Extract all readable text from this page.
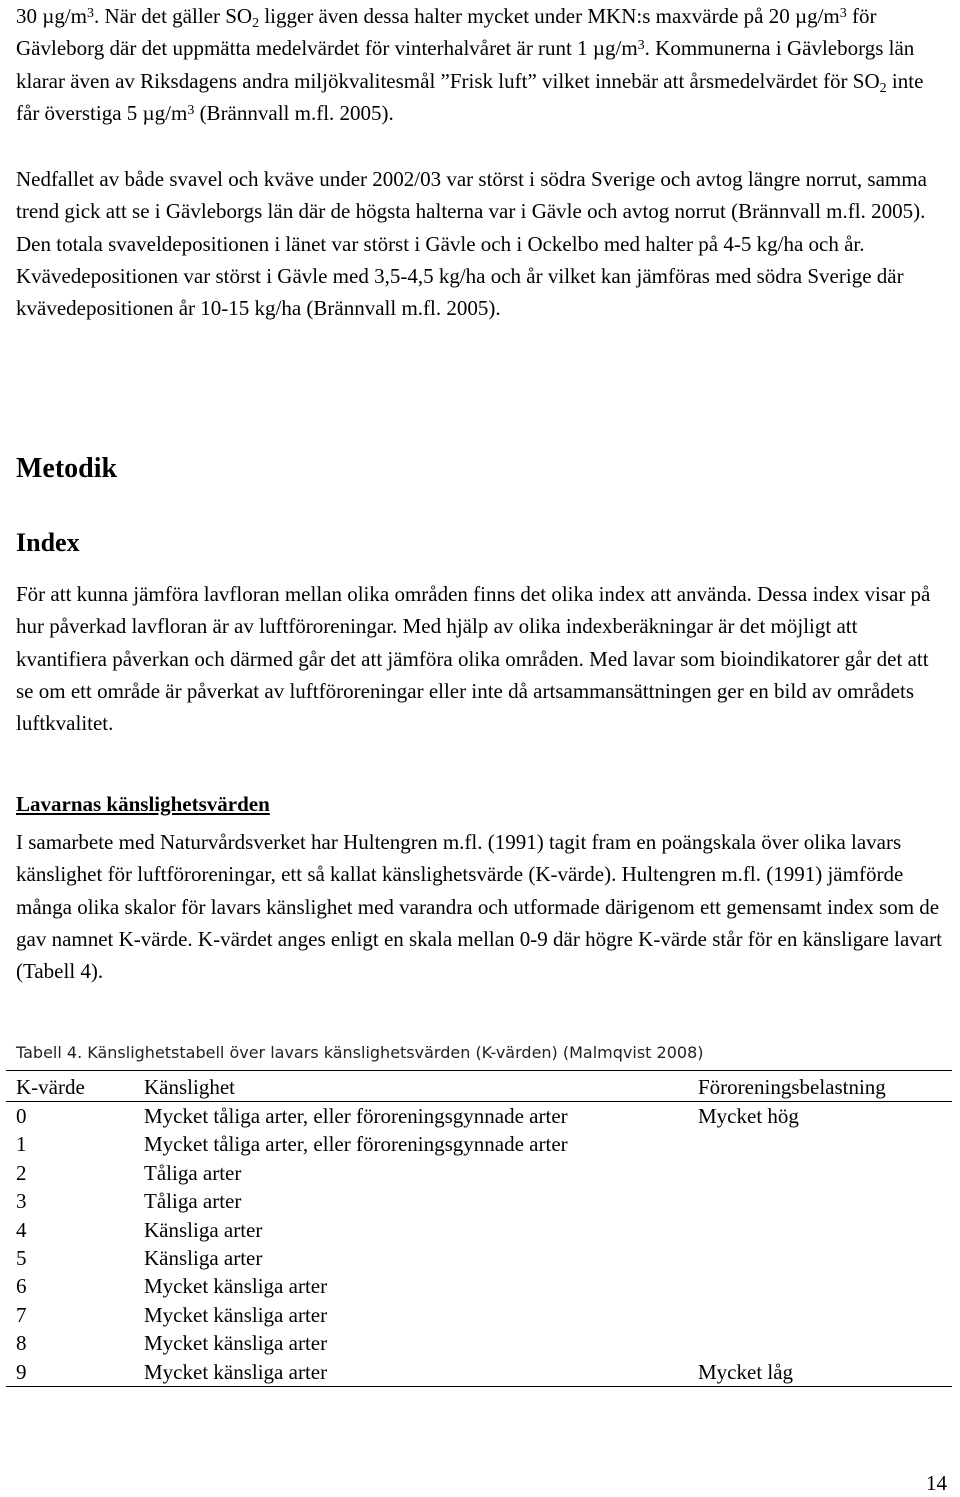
30 $\mu g/m^3$. När det gäller $SO_2$ ligger även dessa halter mycket under MKN:s maxvärde på 20 $\mu g/m^3$ för Gävleborg där det uppmätta medelvärdet för vinterhalvåret är runt 1 $\mu g/m^3$. Kommunerna i Gävleborgs län klarar även av Riksdagens andra miljökvalitesmål ”Frisk luft” vilket innebär att årsmedelvärdet för $SO_2$ inte får överstiga 5 $\mu g/m^3$ (Brännvall m.fl. 2005).
Nedfallet av både svavel och kväve under 2002/03 var störst i södra Sverige och avtog längre norrut, samma trend gick att se i Gävleborgs län där de högsta halterna var i Gävle och avtog norrut (Brännvall m.fl. 2005). Den totala svaveldepositionen i länet var störst i Gävle och i Ockelbo med halter på 4-5 kg/ha och år. Kvävedepositionen var störst i Gävle med 3,5-4,5 kg/ha och år vilket kan jämföras med södra Sverige där kvävedepositionen år 10-15 kg/ha (Brännvall m.fl. 2005).
Metodik
Index
För att kunna jämföra lavfloran mellan olika områden finns det olika index att använda. Dessa index visar på hur påverkad lavfloran är av luftföroreningar. Med hjälp av olika indexberäkningar är det möjligt att kvantifiera påverkan och därmed går det att jämföra olika områden. Med lavar som bioindikatorer går det att se om ett område är påverkat av luftföroreningar eller inte då artsammansättningen ger en bild av områdets luftkvalitet.
Lavarnas känslighetsvärden
I samarbete med Naturvårdsverket har Hultengren m.fl. (1991) tagit fram en poängskala över olika lavars känslighet för luftföroreningar, ett så kallat känslighetsvärde (K-värde). Hultengren m.fl. (1991) jämförde många olika skalor för lavars känslighet med varandra och utformade därigenom ett gemensamt index som de gav namnet K-värde. K-värdet anges enligt en skala mellan 0-9 där högre K-värde står för en känsligare lavart (Tabell 4).
Tabell 4. Känslighetstabell över lavars känslighetsvärden (K-värden) (Malmqvist 2008)
K-värde	Känslighet	Föroreningsbelastning
0	Mycket tåliga arter, eller föroreningsgynnade arter	Mycket hög
1	Mycket tåliga arter, eller föroreningsgynnade arter
2	Tåliga arter
3	Tåliga arter
4	Känsliga arter
5	Känsliga arter
6	Mycket känsliga arter
7	Mycket känsliga arter
8	Mycket känsliga arter
9	Mycket känsliga arter	Mycket låg
14
